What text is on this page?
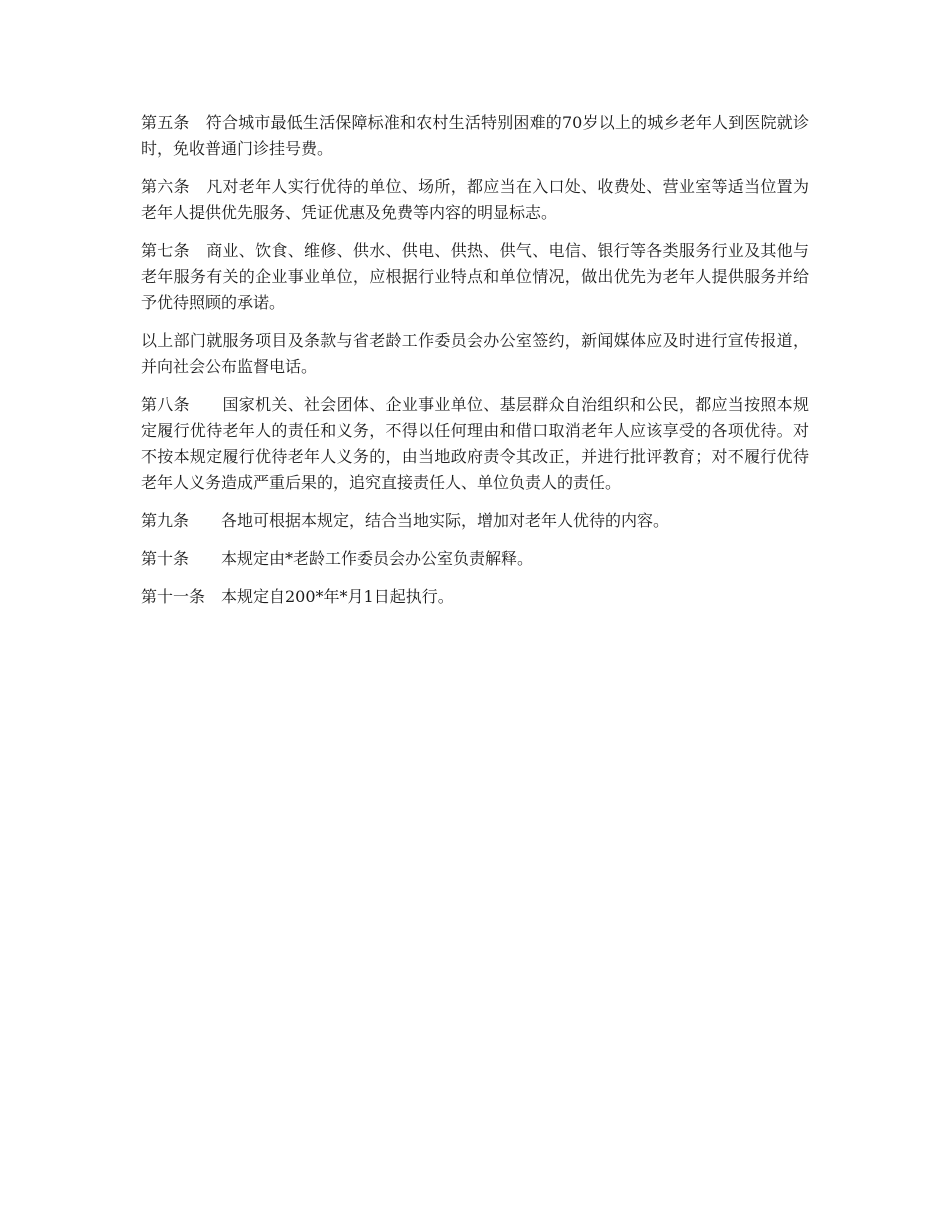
第五条　符合城市最低生活保障标准和农村生活特别困难的70岁以上的城乡老年人到医院就诊时，免收普通门诊挂号费。

第六条　凡对老年人实行优待的单位、场所，都应当在入口处、收费处、营业室等适当位置为老年人提供优先服务、凭证优惠及免费等内容的明显标志。

第七条　商业、饮食、维修、供水、供电、供热、供气、电信、银行等各类服务行业及其他与老年服务有关的企业事业单位，应根据行业特点和单位情况，做出优先为老年人提供服务并给予优待照顾的承诺。

以上部门就服务项目及条款与省老龄工作委员会办公室签约，新闻媒体应及时进行宣传报道，并向社会公布监督电话。

第八条　　国家机关、社会团体、企业事业单位、基层群众自治组织和公民，都应当按照本规定履行优待老年人的责任和义务，不得以任何理由和借口取消老年人应该享受的各项优待。对不按本规定履行优待老年人义务的，由当地政府责令其改正，并进行批评教育；对不履行优待老年人义务造成严重后果的，追究直接责任人、单位负责人的责任。

第九条　　各地可根据本规定，结合当地实际，增加对老年人优待的内容。

第十条　　本规定由*老龄工作委员会办公室负责解释。

第十一条　本规定自200*年*月1日起执行。
